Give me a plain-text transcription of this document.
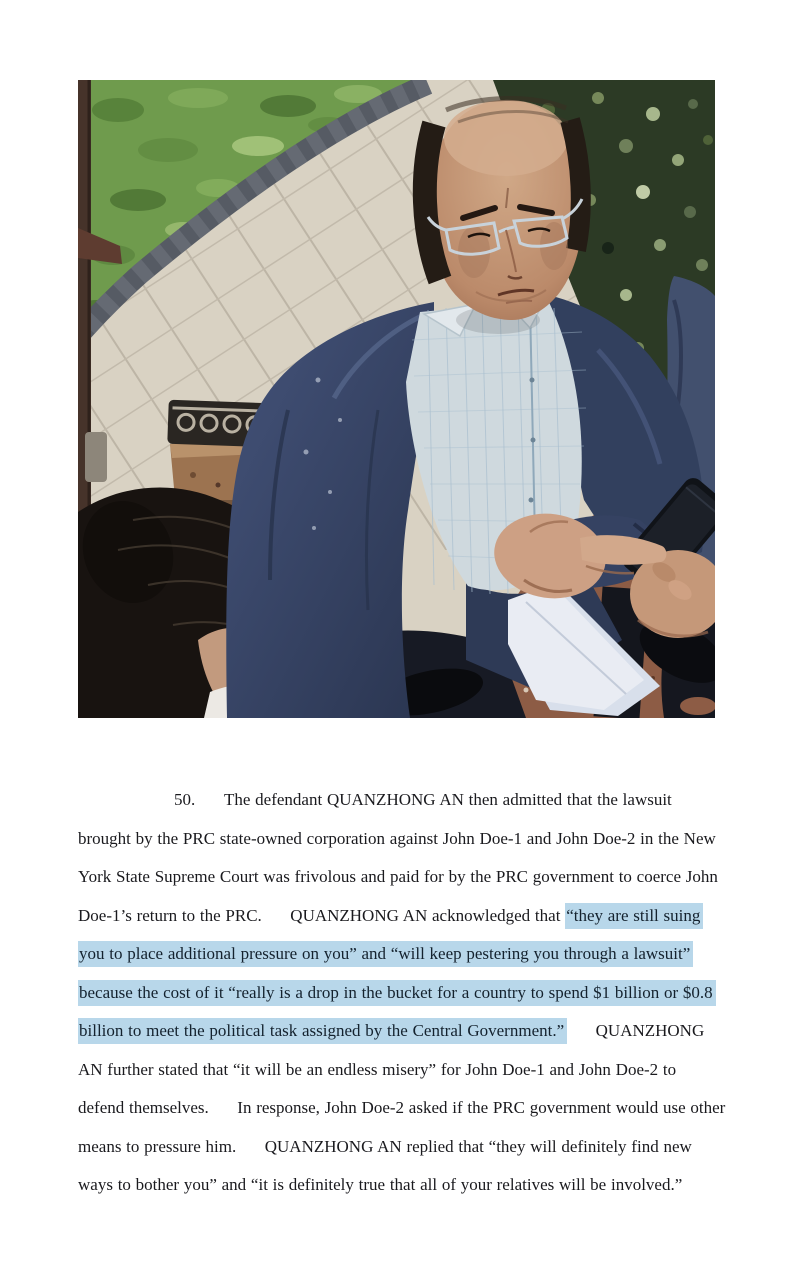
50. The defendant QUANZHONG AN then admitted that the lawsuit brought by the PRC state-owned corporation against John Doe-1 and John Doe-2 in the New York State Supreme Court was frivolous and paid for by the PRC government to coerce John Doe-1’s return to the PRC.      QUANZHONG AN acknowledged that “they are still suing you to place additional pressure on you” and “will keep pestering you through a lawsuit” because the cost of it “really is a drop in the bucket for a country to spend $1 billion or $0.8 billion to meet the political task assigned by the Central Government.”      QUANZHONG AN further stated that “it will be an endless misery” for John Doe-1 and John Doe-2 to defend themselves.      In response, John Doe-2 asked if the PRC government would use other means to pressure him.      QUANZHONG AN replied that “they will definitely find new ways to bother you” and “it is definitely true that all of your relatives will be involved.”
